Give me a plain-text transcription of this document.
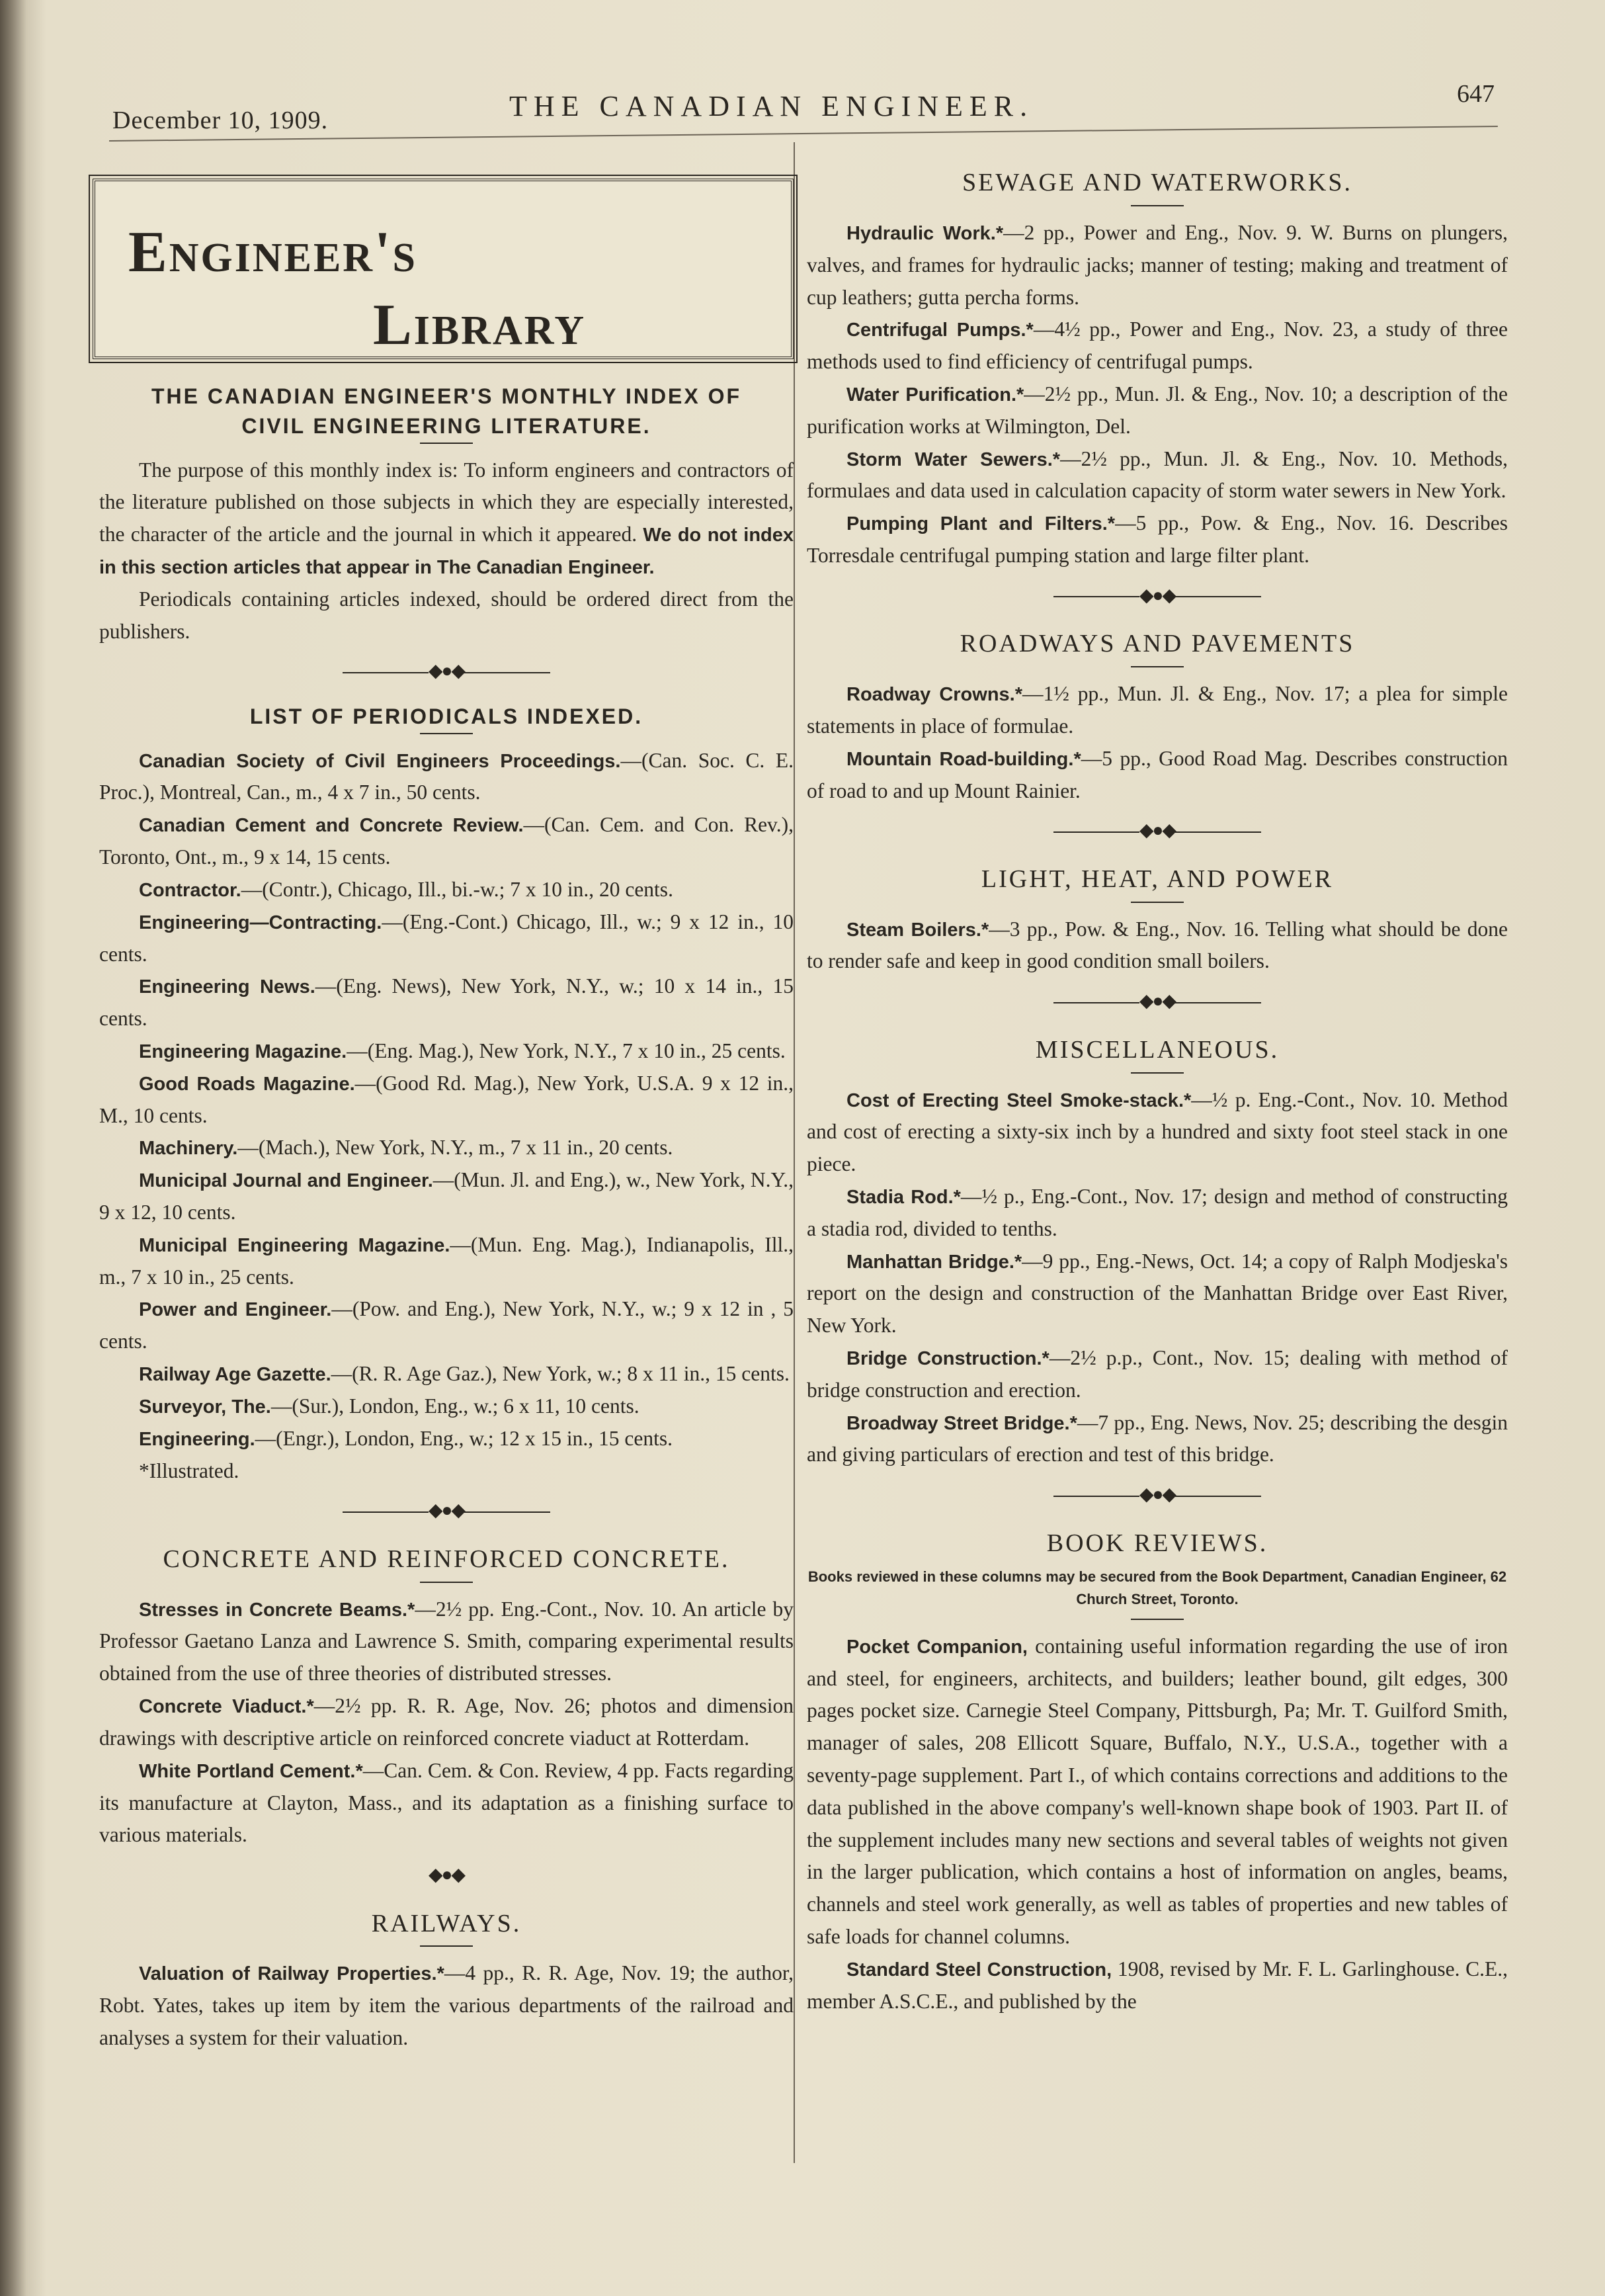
December 10, 1909.	THE CANADIAN ENGINEER.	647
Engineer's
Library
THE CANADIAN ENGINEER'S MONTHLY INDEX OF
CIVIL ENGINEERING LITERATURE.

The purpose of this monthly index is: To inform engineers and contractors of the literature published on those subjects in which they are especially interested, the character of the article and the journal in which it appeared. We do not index in this section articles that appear in The Canadian Engineer.

Periodicals containing articles indexed, should be ordered direct from the publishers.

◆●◆
LIST OF PERIODICALS INDEXED.

Canadian Society of Civil Engineers Proceedings.—(Can. Soc. C. E. Proc.), Montreal, Can., m., 4 x 7 in., 50 cents.

Canadian Cement and Concrete Review.—(Can. Cem. and Con. Rev.), Toronto, Ont., m., 9 x 14, 15 cents.

Contractor.—(Contr.), Chicago, Ill., bi.-w.; 7 x 10 in., 20 cents.

Engineering—Contracting.—(Eng.-Cont.) Chicago, Ill., w.; 9 x 12 in., 10 cents.

Engineering News.—(Eng. News), New York, N.Y., w.; 10 x 14 in., 15 cents.

Engineering Magazine.—(Eng. Mag.), New York, N.Y., 7 x 10 in., 25 cents.

Good Roads Magazine.—(Good Rd. Mag.), New York, U.S.A. 9 x 12 in., M., 10 cents.

Machinery.—(Mach.), New York, N.Y., m., 7 x 11 in., 20 cents.

Municipal Journal and Engineer.—(Mun. Jl. and Eng.), w., New York, N.Y., 9 x 12, 10 cents.

Municipal Engineering Magazine.—(Mun. Eng. Mag.), Indianapolis, Ill., m., 7 x 10 in., 25 cents.

Power and Engineer.—(Pow. and Eng.), New York, N.Y., w.; 9 x 12 in , 5 cents.

Railway Age Gazette.—(R. R. Age Gaz.), New York, w.; 8 x 11 in., 15 cents.

Surveyor, The.—(Sur.), London, Eng., w.; 6 x 11, 10 cents.

Engineering.—(Engr.), London, Eng., w.; 12 x 15 in., 15 cents.

*Illustrated.

◆●◆
CONCRETE AND REINFORCED CONCRETE.

Stresses in Concrete Beams.*—2½ pp. Eng.-Cont., Nov. 10. An article by Professor Gaetano Lanza and Lawrence S. Smith, comparing experimental results obtained from the use of three theories of distributed stresses.

Concrete Viaduct.*—2½ pp. R. R. Age, Nov. 26; photos and dimension drawings with descriptive article on reinforced concrete viaduct at Rotterdam.

White Portland Cement.*—Can. Cem. & Con. Review, 4 pp. Facts regarding its manufacture at Clayton, Mass., and its adaptation as a finishing surface to various materials.

◆●◆
RAILWAYS.

Valuation of Railway Properties.*—4 pp., R. R. Age, Nov. 19; the author, Robt. Yates, takes up item by item the various departments of the railroad and analyses a system for their valuation.

SEWAGE AND WATERWORKS.

Hydraulic Work.*—2 pp., Power and Eng., Nov. 9. W. Burns on plungers, valves, and frames for hydraulic jacks; manner of testing; making and treatment of cup leathers; gutta percha forms.

Centrifugal Pumps.*—4½ pp., Power and Eng., Nov. 23, a study of three methods used to find efficiency of centrifugal pumps.

Water Purification.*—2½ pp., Mun. Jl. & Eng., Nov. 10; a description of the purification works at Wilmington, Del.

Storm Water Sewers.*—2½ pp., Mun. Jl. & Eng., Nov. 10. Methods, formulaes and data used in calculation capacity of storm water sewers in New York.

Pumping Plant and Filters.*—5 pp., Pow. & Eng., Nov. 16. Describes Torresdale centrifugal pumping station and large filter plant.

◆●◆
ROADWAYS AND PAVEMENTS

Roadway Crowns.*—1½ pp., Mun. Jl. & Eng., Nov. 17; a plea for simple statements in place of formulae.

Mountain Road-building.*—5 pp., Good Road Mag. Describes construction of road to and up Mount Rainier.

◆●◆
LIGHT, HEAT, AND POWER

Steam Boilers.*—3 pp., Pow. & Eng., Nov. 16. Telling what should be done to render safe and keep in good condition small boilers.

◆●◆
MISCELLANEOUS.

Cost of Erecting Steel Smoke-stack.*—½ p. Eng.-Cont., Nov. 10. Method and cost of erecting a sixty-six inch by a hundred and sixty foot steel stack in one piece.

Stadia Rod.*—½ p., Eng.-Cont., Nov. 17; design and method of constructing a stadia rod, divided to tenths.

Manhattan Bridge.*—9 pp., Eng.-News, Oct. 14; a copy of Ralph Modjeska's report on the design and construction of the Manhattan Bridge over East River, New York.

Bridge Construction.*—2½ p.p., Cont., Nov. 15; dealing with method of bridge construction and erection.

Broadway Street Bridge.*—7 pp., Eng. News, Nov. 25; describing the desgin and giving particulars of erection and test of this bridge.

◆●◆
BOOK REVIEWS.
Books reviewed in these columns may be secured from the Book Department, Canadian Engineer, 62 Church Street, Toronto.

Pocket Companion, containing useful information regarding the use of iron and steel, for engineers, architects, and builders; leather bound, gilt edges, 300 pages pocket size. Carnegie Steel Company, Pittsburgh, Pa; Mr. T. Guilford Smith, manager of sales, 208 Ellicott Square, Buffalo, N.Y., U.S.A., together with a seventy-page supplement. Part I., of which contains corrections and additions to the data published in the above company's well-known shape book of 1903. Part II. of the supplement includes many new sections and several tables of weights not given in the larger publication, which contains a host of information on angles, beams, channels and steel work generally, as well as tables of properties and new tables of safe loads for channel columns.

Standard Steel Construction, 1908, revised by Mr. F. L. Garlinghouse. C.E., member A.S.C.E., and published by the
